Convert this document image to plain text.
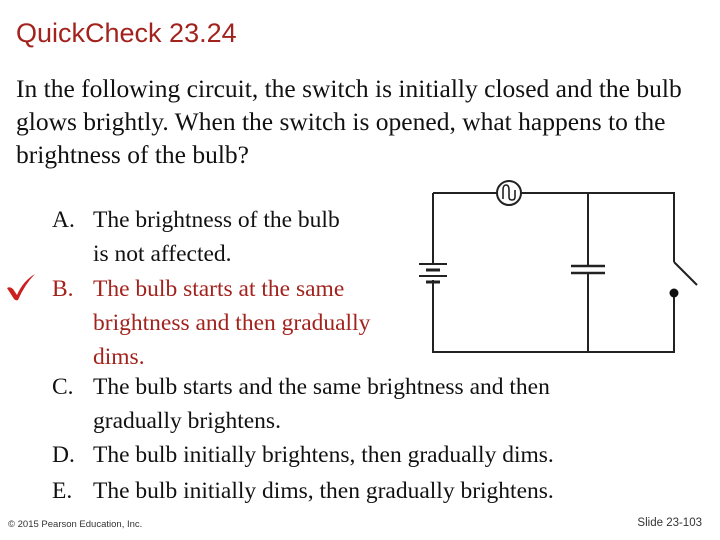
QuickCheck 23.24
In the following circuit, the switch is initially closed and the bulb glows brightly. When the switch is opened, what happens to the brightness of the bulb?
A. The brightness of the bulb
is not affected.
B. The bulb starts at the same
brightness and then gradually
dims.
C. The bulb starts and the same brightness and then
gradually brightens.
D. The bulb initially brightens, then gradually dims.
E. The bulb initially dims, then gradually brightens.
© 2015 Pearson Education, Inc.	Slide 23-103
